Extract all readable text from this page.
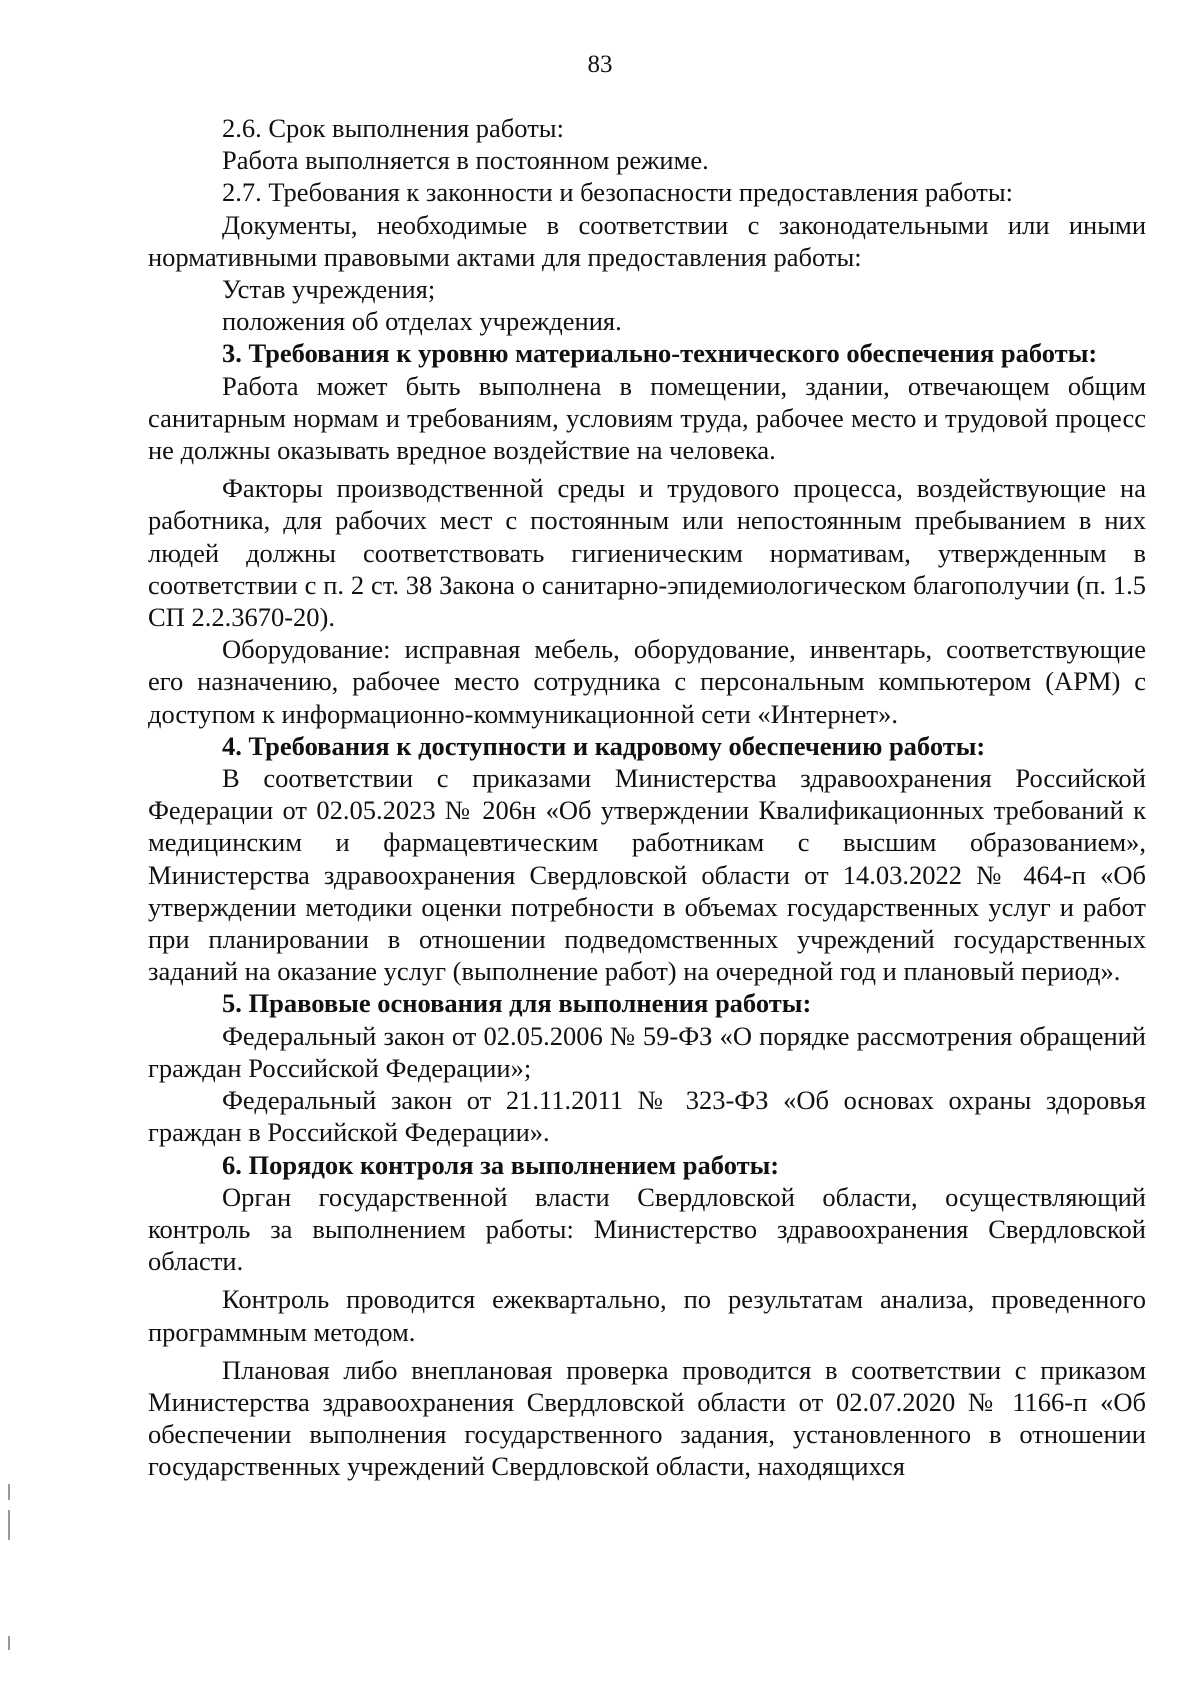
83

2.6. Срок выполнения работы:

Работа выполняется в постоянном режиме.

2.7. Требования к законности и безопасности предоставления работы:

Документы, необходимые в соответствии с законодательными или иными нормативными правовыми актами для предоставления работы:

Устав учреждения;

положения об отделах учреждения.

3. Требования к уровню материально-технического обеспечения работы:

Работа может быть выполнена в помещении, здании, отвечающем общим санитарным нормам и требованиям, условиям труда, рабочее место и трудовой процесс не должны оказывать вредное воздействие на человека.

Факторы производственной среды и трудового процесса, воздействующие на работника, для рабочих мест с постоянным или непостоянным пребыванием в них людей должны соответствовать гигиеническим нормативам, утвержденным в соответствии с п. 2 ст. 38 Закона о санитарно-эпидемиологическом благополучии (п. 1.5 СП 2.2.3670-20).

Оборудование: исправная мебель, оборудование, инвентарь, соответствующие его назначению, рабочее место сотрудника с персональным компьютером (АРМ) с доступом к информационно-коммуникационной сети «Интернет».

4. Требования к доступности и кадровому обеспечению работы:

В соответствии с приказами Министерства здравоохранения Российской Федерации от 02.05.2023 № 206н «Об утверждении Квалификационных требований к медицинским и фармацевтическим работникам с высшим образованием», Министерства здравоохранения Свердловской области от 14.03.2022 № 464-п «Об утверждении методики оценки потребности в объемах государственных услуг и работ при планировании в отношении подведомственных учреждений государственных заданий на оказание услуг (выполнение работ) на очередной год и плановый период».

5. Правовые основания для выполнения работы:

Федеральный закон от 02.05.2006 № 59-ФЗ «О порядке рассмотрения обращений граждан Российской Федерации»;

Федеральный закон от 21.11.2011 № 323-ФЗ «Об основах охраны здоровья граждан в Российской Федерации».

6. Порядок контроля за выполнением работы:

Орган государственной власти Свердловской области, осуществляющий контроль за выполнением работы: Министерство здравоохранения Свердловской области.

Контроль проводится ежеквартально, по результатам анализа, проведенного программным методом.

Плановая либо внеплановая проверка проводится в соответствии с приказом Министерства здравоохранения Свердловской области от 02.07.2020 № 1166-п «Об обеспечении выполнения государственного задания, установленного в отношении государственных учреждений Свердловской области, находящихся
